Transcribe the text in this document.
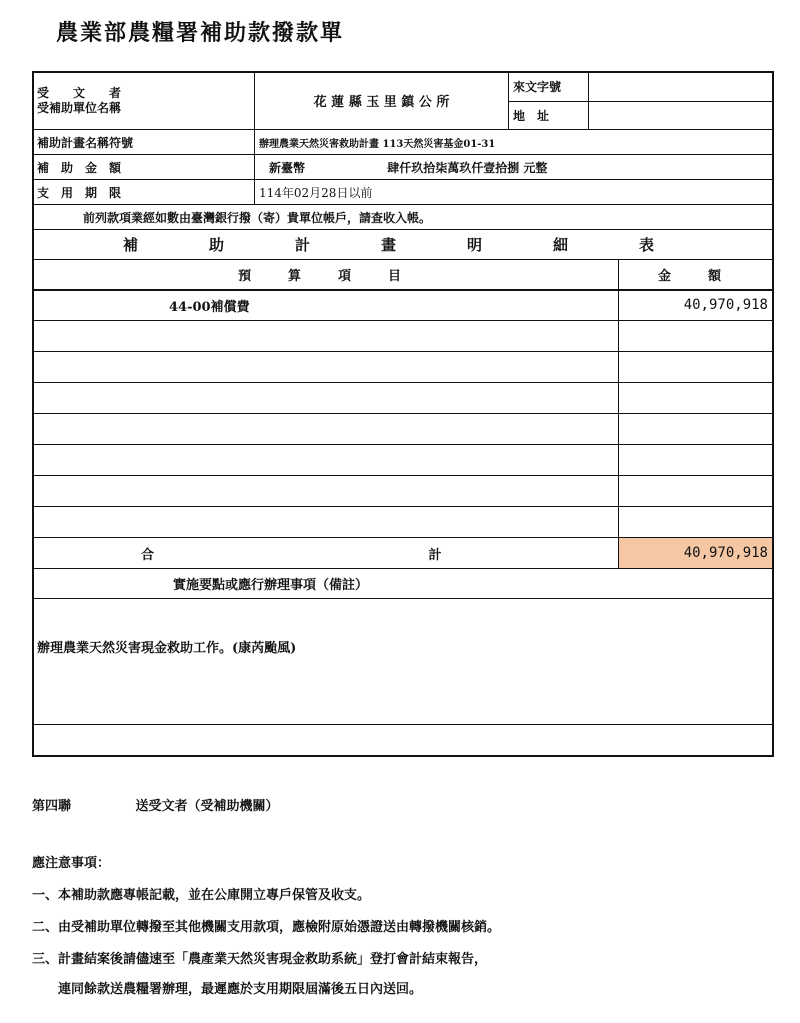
農業部農糧署補助款撥款單
受　文　者
受補助單位名稱	花 蓮 縣 玉 里 鎮 公 所	來文字號		
		地　址		
補助計畫名稱符號	辦理農業天然災害救助計畫 113天然災害基金01-31			
補　助　金　額	新臺幣 肆仟玖拾柒萬玖仟壹拾捌 元整			
支　用　期　限	114年02月28日以前			
前列款項業經如數由臺灣銀行撥（寄）貴單位帳戶，請查收入帳。				
補　助　計　畫　明　細　表				
預　算　項　目				金　額
44-00補償費				40,970,918

合 計				40,970,918
實施要點或應行辦理事項（備註）				
辦理農業天然災害現金救助工作。(康芮颱風)				
第四聯	送受文者（受補助機關）
應注意事項：
一、本補助款應專帳記載，並在公庫開立專戶保管及收支。
二、由受補助單位轉撥至其他機關支用款項，應檢附原始憑證送由轉撥機關核銷。
三、計畫結案後請儘速至「農產業天然災害現金救助系統」登打會計結束報告，
　　連同餘款送農糧署辦理，最遲應於支用期限屆滿後五日內送回。
